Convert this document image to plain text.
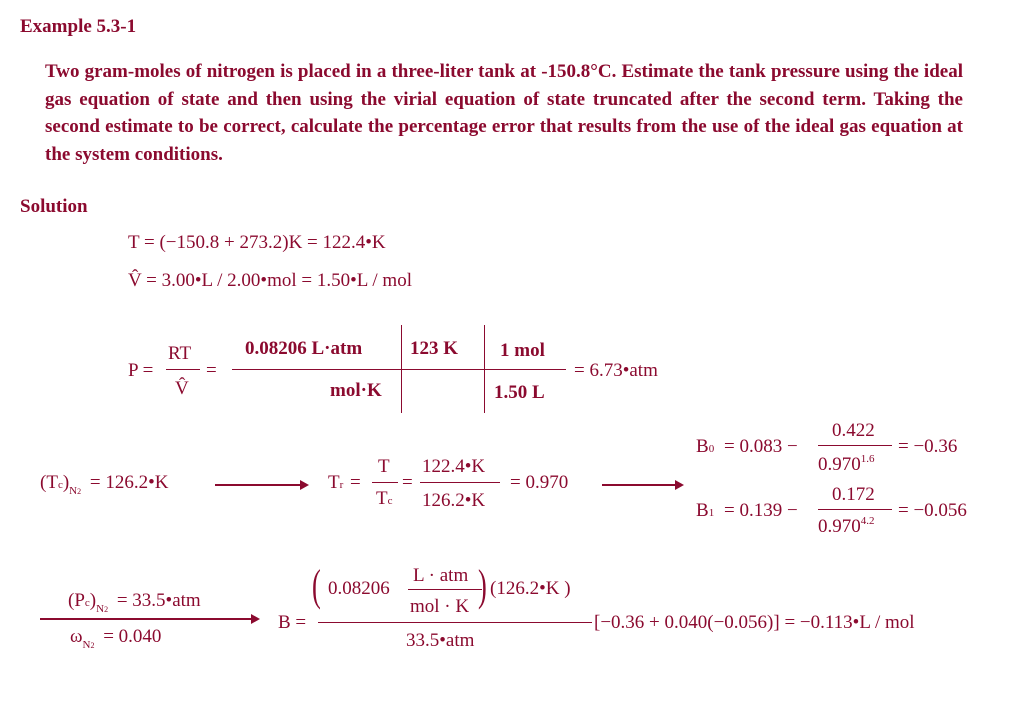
Example 5.3-1
Two gram-moles of nitrogen is placed in a three-liter tank at -150.8°C. Estimate the tank pressure using the ideal gas equation of state and then using the virial equation of state truncated after the second term. Taking the second estimate to be correct, calculate the percentage error that results from the use of the ideal gas equation at the system conditions.
Solution
T = (−150.8 + 273.2)K = 122.4•K
V̂ = 3.00•L / 2.00•mol = 1.50•L / mol
P =
RT
V̂
=
0.08206 L·atm
mol·K
123 K 1 mol
1.50 L
= 6.73•atm
$(Tc)_{N2}$ = 126.2•K	Tr =
T
Tc
=
122.4•K
126.2•K
= 0.970
B0 = 0.083 −
0.422
$0.970^{1.6}$
= −0.36
B1 = 0.139 −
0.172
$0.970^{4.2} = -0.056$
$(Pc)_{N2}$ = 33.5•atm
$\omega_{N2} = 0.040$
B =
( 0.08206
L · atm
mol · K ) (126.2•K )
33.5•atm
[−0.36 + 0.040(−0.056)] = −0.113•L / mol
